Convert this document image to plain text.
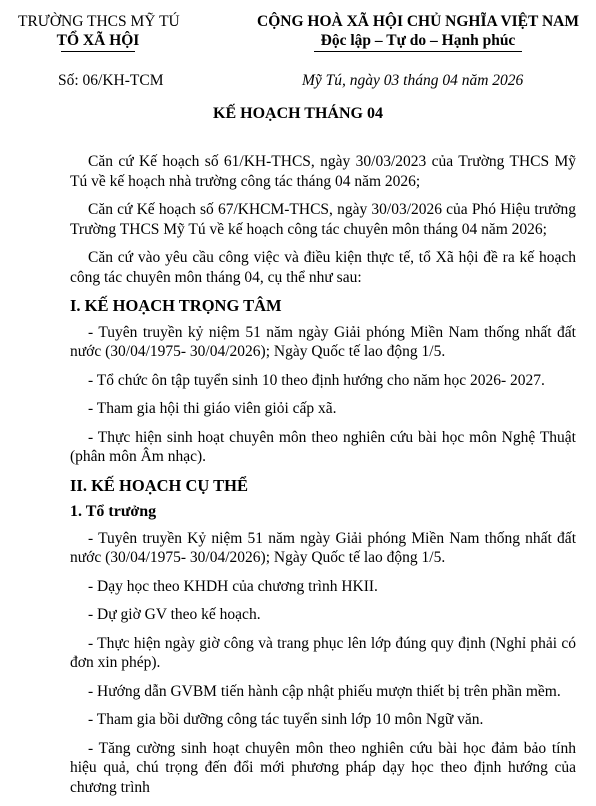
TRƯỜNG THCS MỸ TÚ
TỔ XÃ HỘI
CỘNG HOÀ XÃ HỘI CHỦ NGHĨA VIỆT NAM
Độc lập – Tự do – Hạnh phúc
Số: 06/KH-TCM	Mỹ Tú, ngày 03 tháng 04 năm 2026
KẾ HOẠCH THÁNG 04

Căn cứ Kế hoạch số 61/KH-THCS, ngày 30/03/2023 của Trường THCS Mỹ Tú về kế hoạch nhà trường công tác tháng 04 năm 2026;

Căn cứ Kế hoạch số 67/KHCM-THCS, ngày 30/03/2026 của Phó Hiệu trưởng Trường THCS Mỹ Tú về kế hoạch công tác chuyên môn tháng 04 năm 2026;

Căn cứ vào yêu cầu công việc và điều kiện thực tế, tổ Xã hội đề ra kế hoạch công tác chuyên môn tháng 04, cụ thể như sau:

I. KẾ HOẠCH TRỌNG TÂM

- Tuyên truyền kỷ niệm 51 năm ngày Giải phóng Miền Nam thống nhất đất nước (30/04/1975- 30/04/2026); Ngày Quốc tế lao động 1/5.

- Tổ chức ôn tập tuyển sinh 10 theo định hướng cho năm học 2026- 2027.

- Tham gia hội thi giáo viên giỏi cấp xã.

- Thực hiện sinh hoạt chuyên môn theo nghiên cứu bài học môn Nghệ Thuật (phân môn Âm nhạc).

II. KẾ HOẠCH CỤ THỂ
1. Tổ trưởng

- Tuyên truyền Kỷ niệm 51 năm ngày Giải phóng Miền Nam thống nhất đất nước (30/04/1975- 30/04/2026); Ngày Quốc tế lao động 1/5.

- Dạy học theo KHDH của chương trình HKII.

- Dự giờ GV theo kế hoạch.

- Thực hiện ngày giờ công và trang phục lên lớp đúng quy định (Nghỉ phải có đơn xin phép).

- Hướng dẫn GVBM tiến hành cập nhật phiếu mượn thiết bị trên phần mềm.

- Tham gia bồi dưỡng công tác tuyển sinh lớp 10 môn Ngữ văn.

- Tăng cường sinh hoạt chuyên môn theo nghiên cứu bài học đảm bảo tính hiệu quả, chú trọng đến đổi mới phương pháp dạy học theo định hướng của chương trình
